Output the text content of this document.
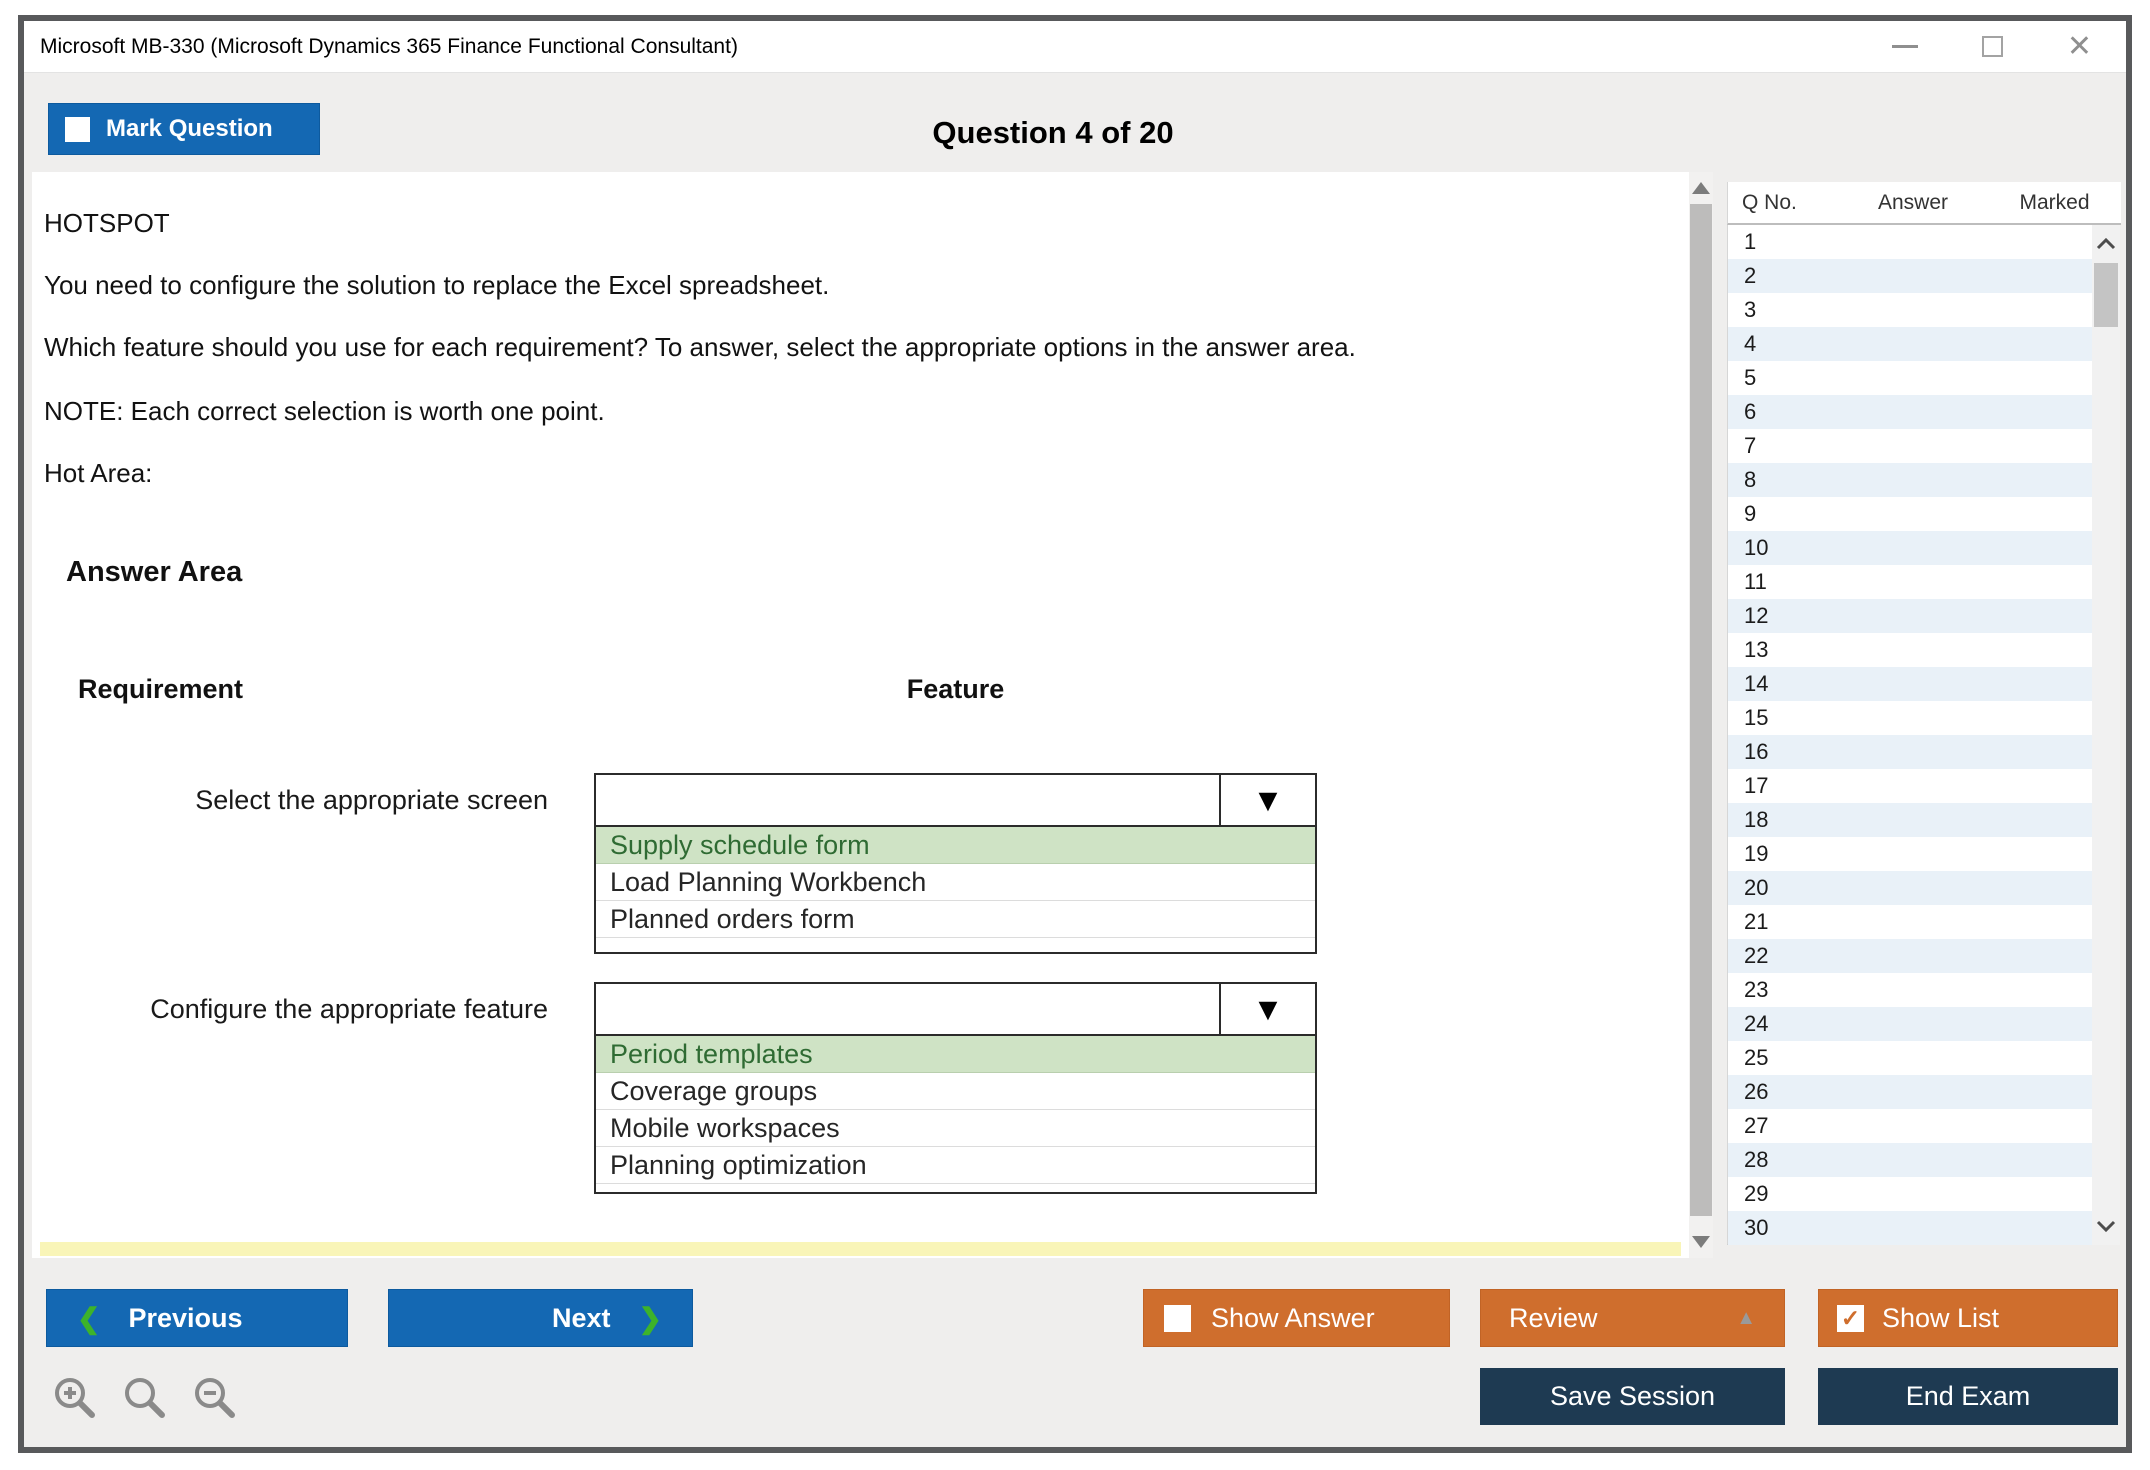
Microsoft MB-330 (Microsoft Dynamics 365 Finance Functional Consultant)	✕
Mark Question	Question 4 of 20
HOTSPOT
You need to configure the solution to replace the Excel spreadsheet.
Which feature should you use for each requirement? To answer, select the appropriate options in the answer area.
NOTE: Each correct selection is worth one point.
Hot Area:
Answer Area
Requirement	Feature
Select the appropriate screen	▼
Supply schedule form
Load Planning Workbench
Planned orders form
Configure the appropriate feature	▼
Period templates
Coverage groups
Mobile workspaces
Planning optimization
Q No.	Answer	Marked
1
2
3
4
5
6
7
8
9
10
11
12
13
14
15
16
17
18
19
20
21
22
23
24
25
26
27
28
29
30
❮ Previous	Next ❯	Show Answer	Review	▲	✓ Show List
Save Session	End Exam
